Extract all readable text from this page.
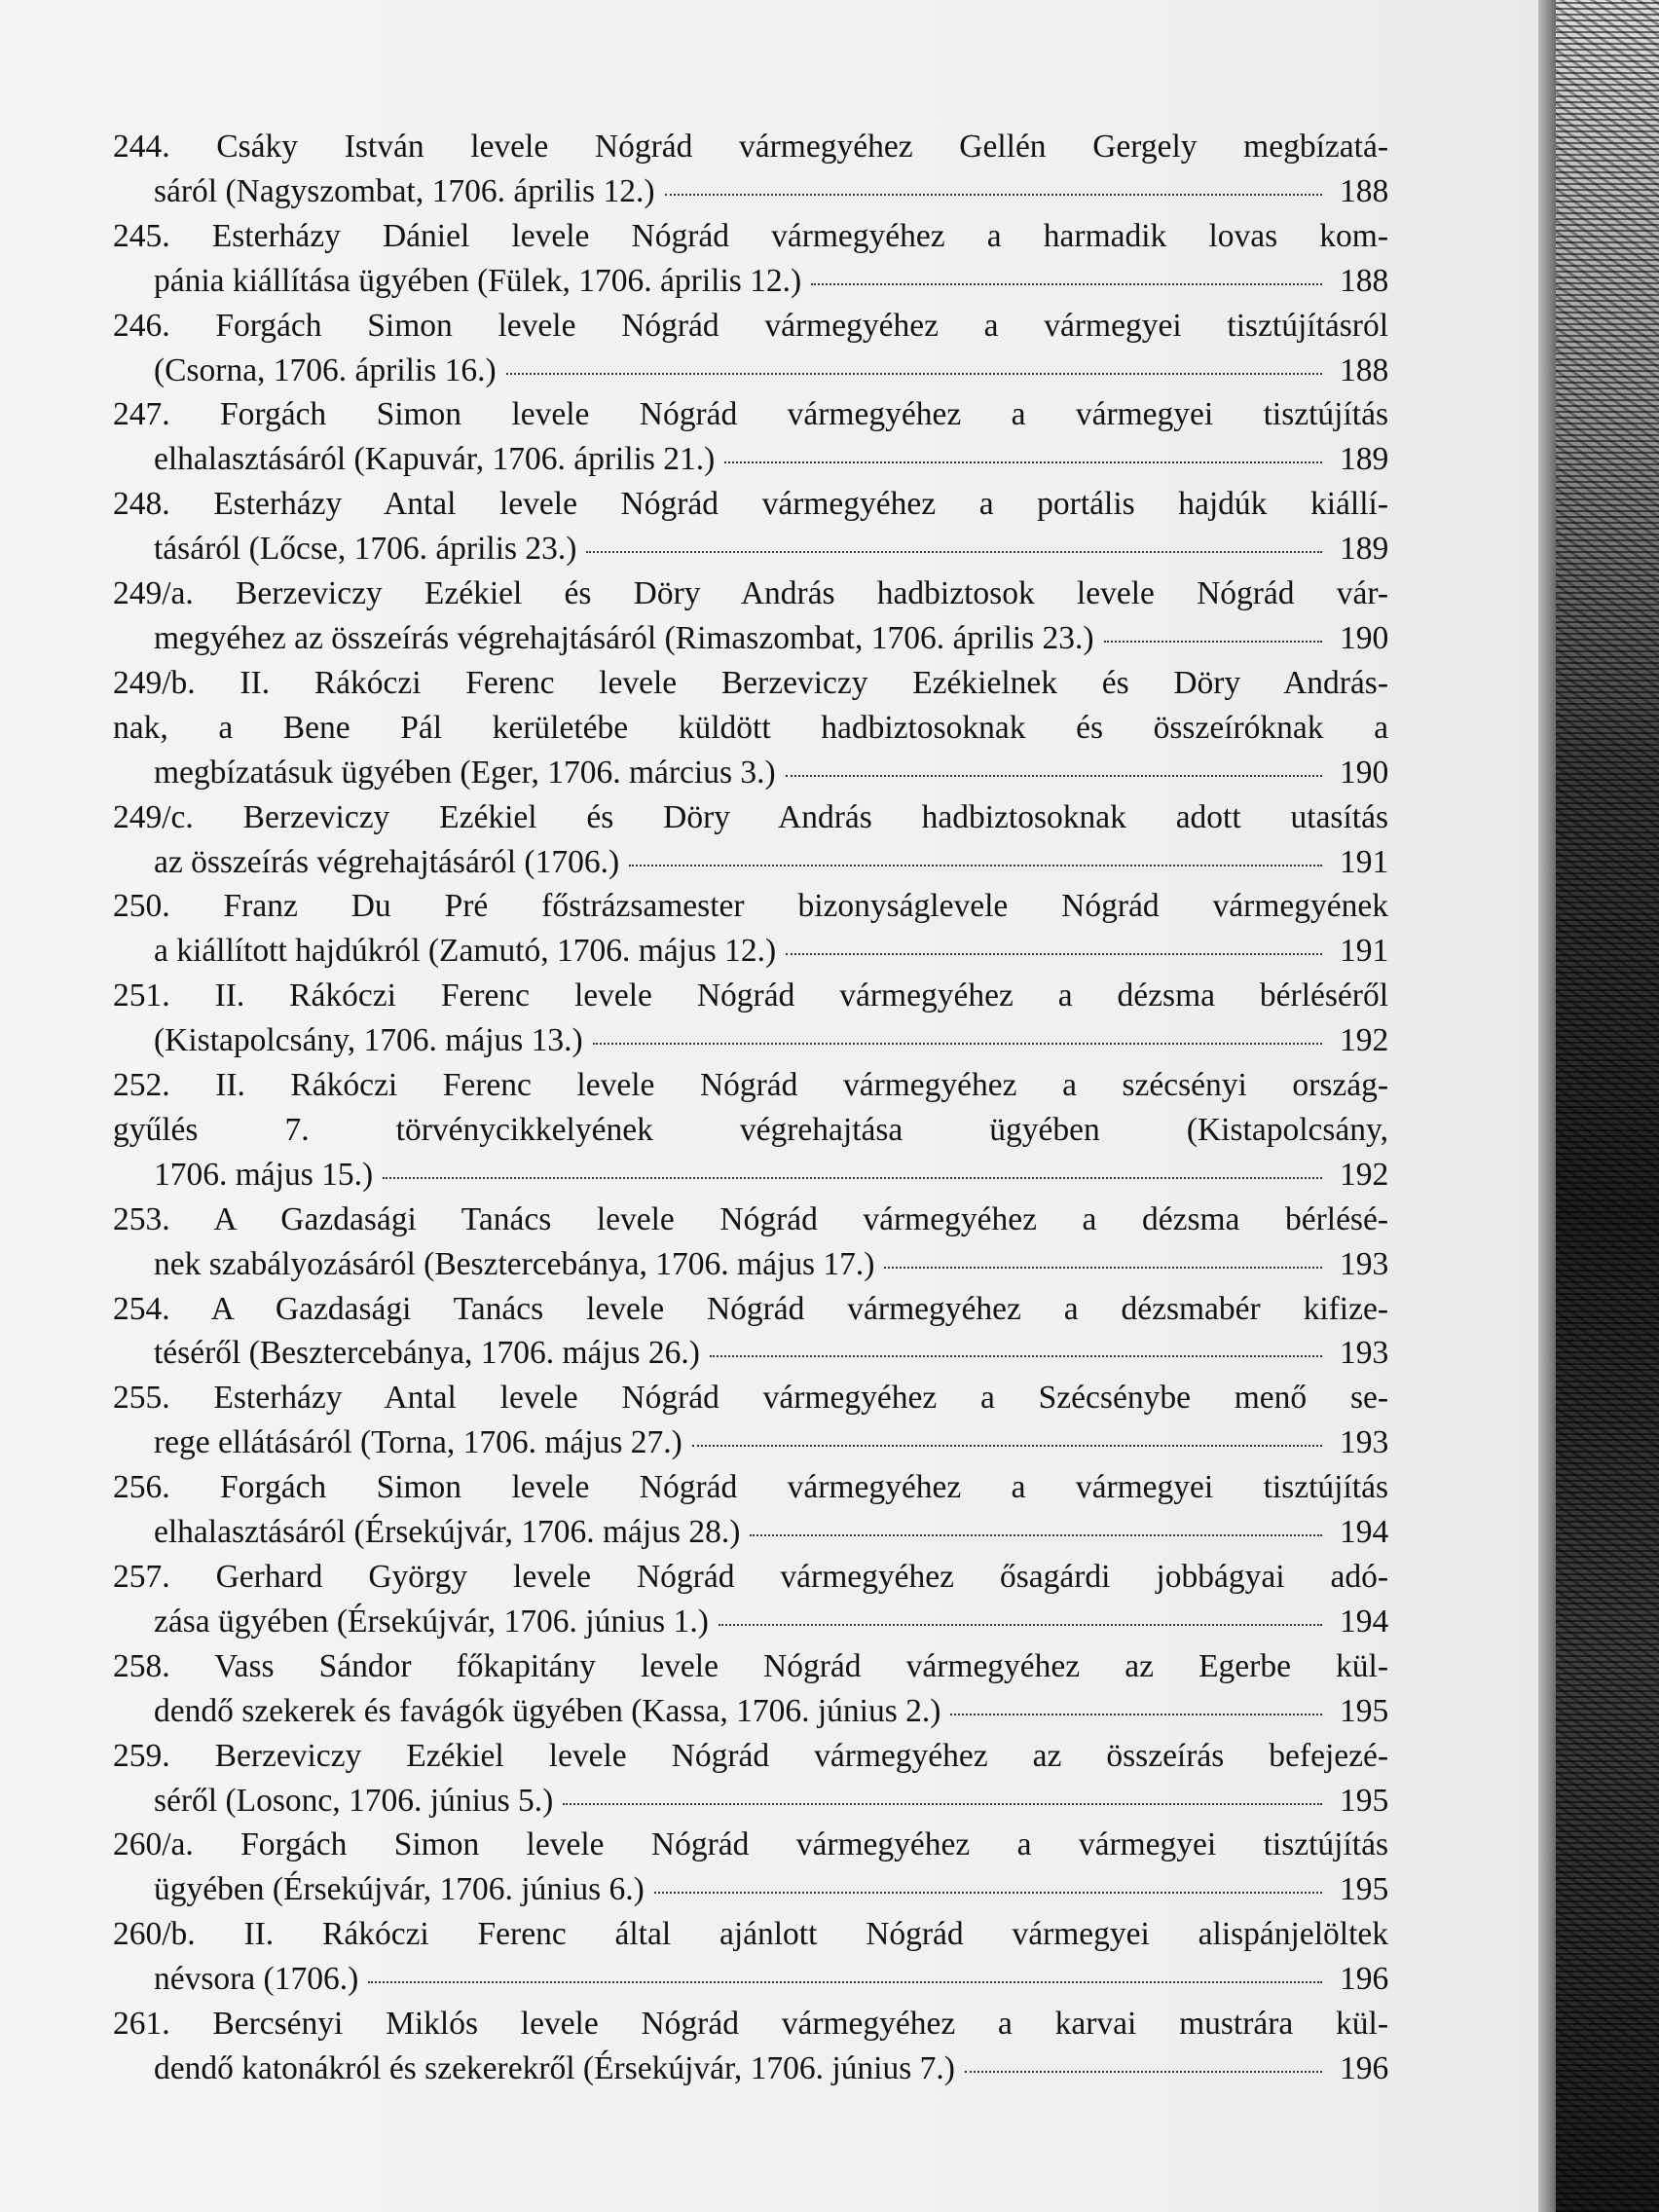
244. Csáky István levele Nógrád vármegyéhez Gellén Gergely megbízatá-
sáról (Nagyszombat, 1706. április 12.)	188
245. Esterházy Dániel levele Nógrád vármegyéhez a harmadik lovas kom-
pánia kiállítása ügyében (Fülek, 1706. április 12.)	188
246. Forgách Simon levele Nógrád vármegyéhez a vármegyei tisztújításról
(Csorna, 1706. április 16.)	188
247. Forgách Simon levele Nógrád vármegyéhez a vármegyei tisztújítás
elhalasztásáról (Kapuvár, 1706. április 21.)	189
248. Esterházy Antal levele Nógrád vármegyéhez a portális hajdúk kiállí-
tásáról (Lőcse, 1706. április 23.)	189
249/a. Berzeviczy Ezékiel és Döry András hadbiztosok levele Nógrád vár-
megyéhez az összeírás végrehajtásáról (Rimaszombat, 1706. április 23.)	190
249/b. II. Rákóczi Ferenc levele Berzeviczy Ezékielnek és Döry András-
nak, a Bene Pál kerületébe küldött hadbiztosoknak és összeíróknak a
megbízatásuk ügyében (Eger, 1706. március 3.)	190
249/c. Berzeviczy Ezékiel és Döry András hadbiztosoknak adott utasítás
az összeírás végrehajtásáról (1706.)	191
250. Franz Du Pré főstrázsamester bizonyságlevele Nógrád vármegyének
a kiállított hajdúkról (Zamutó, 1706. május 12.)	191
251. II. Rákóczi Ferenc levele Nógrád vármegyéhez a dézsma bérléséről
(Kistapolcsány, 1706. május 13.)	192
252. II. Rákóczi Ferenc levele Nógrád vármegyéhez a szécsényi ország-
gyűlés 7. törvénycikkelyének végrehajtása ügyében (Kistapolcsány,
1706. május 15.)	192
253. A Gazdasági Tanács levele Nógrád vármegyéhez a dézsma bérlésé-
nek szabályozásáról (Besztercebánya, 1706. május 17.)	193
254. A Gazdasági Tanács levele Nógrád vármegyéhez a dézsmabér kifize-
téséről (Besztercebánya, 1706. május 26.)	193
255. Esterházy Antal levele Nógrád vármegyéhez a Szécsénybe menő se-
rege ellátásáról (Torna, 1706. május 27.)	193
256. Forgách Simon levele Nógrád vármegyéhez a vármegyei tisztújítás
elhalasztásáról (Érsekújvár, 1706. május 28.)	194
257. Gerhard György levele Nógrád vármegyéhez ősagárdi jobbágyai adó-
zása ügyében (Érsekújvár, 1706. június 1.)	194
258. Vass Sándor főkapitány levele Nógrád vármegyéhez az Egerbe kül-
dendő szekerek és favágók ügyében (Kassa, 1706. június 2.)	195
259. Berzeviczy Ezékiel levele Nógrád vármegyéhez az összeírás befejezé-
séről (Losonc, 1706. június 5.)	195
260/a. Forgách Simon levele Nógrád vármegyéhez a vármegyei tisztújítás
ügyében (Érsekújvár, 1706. június 6.)	195
260/b. II. Rákóczi Ferenc által ajánlott Nógrád vármegyei alispánjelöltek
névsora (1706.)	196
261. Bercsényi Miklós levele Nógrád vármegyéhez a karvai mustrára kül-
dendő katonákról és szekerekről (Érsekújvár, 1706. június 7.)	196
